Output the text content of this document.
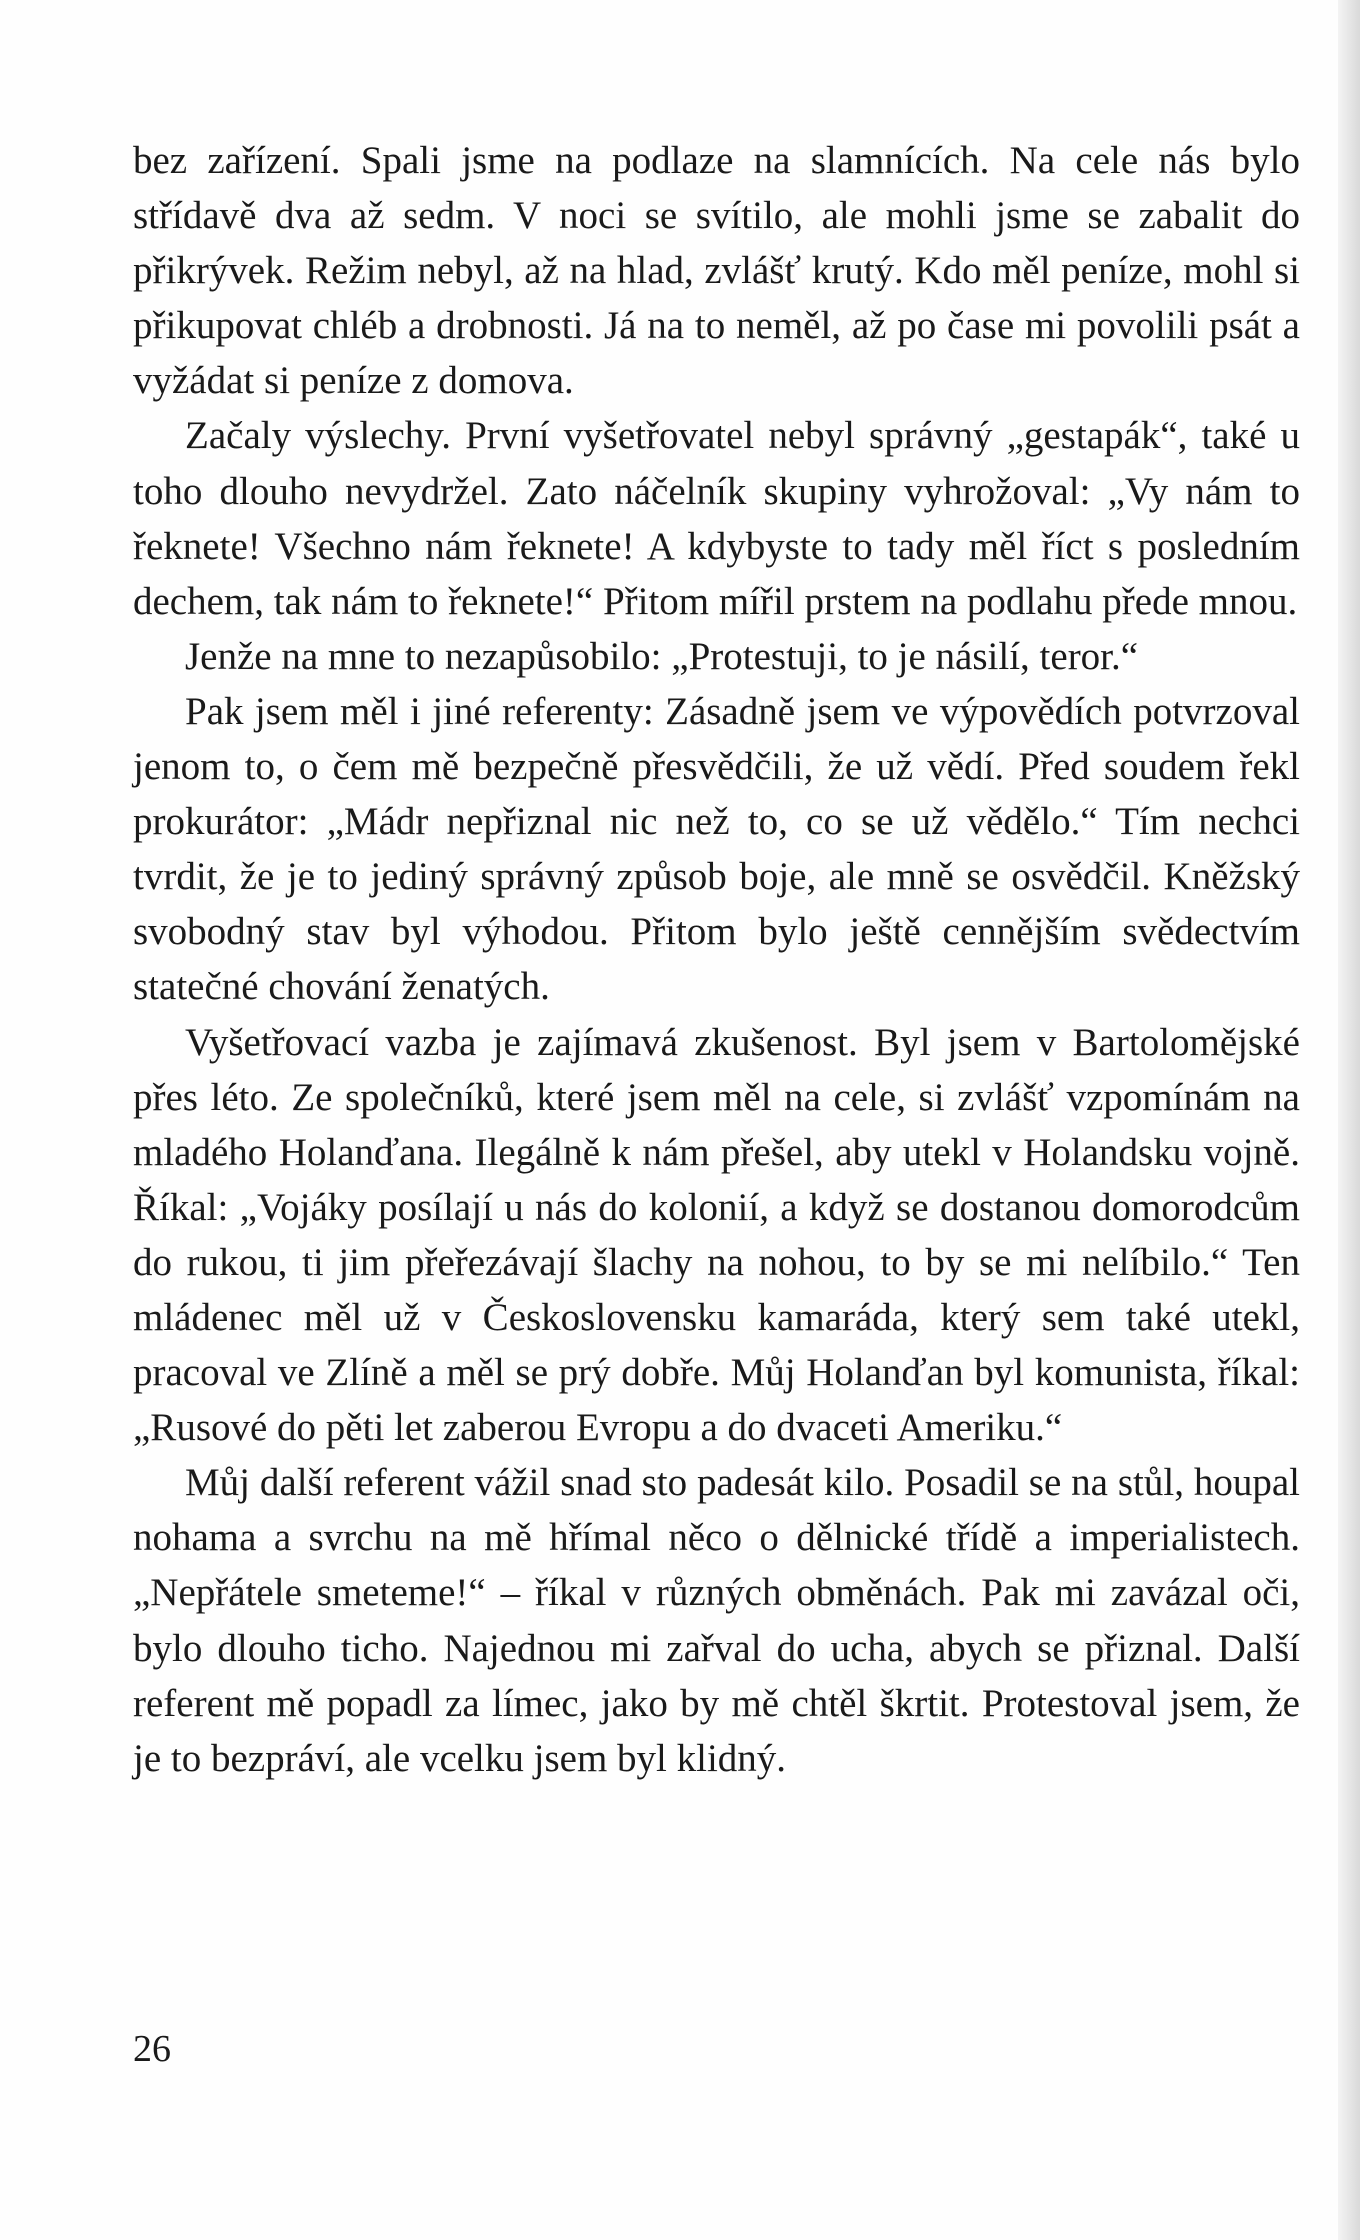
bez zařízení. Spali jsme na podlaze na slamnících. Na cele nás bylo střídavě dva až sedm. V noci se svítilo, ale mohli jsme se zabalit do přikrývek. Režim nebyl, až na hlad, zvlášť krutý. Kdo měl peníze, mohl si přikupovat chléb a drobnosti. Já na to neměl, až po čase mi povolili psát a vyžádat si peníze z domova.

Začaly výslechy. První vyšetřovatel nebyl správný „gestapák“, také u toho dlouho nevydržel. Zato náčelník skupiny vyhrožoval: „Vy nám to řeknete! Všechno nám řeknete! A kdybyste to tady měl říct s posledním dechem, tak nám to řeknete!“ Přitom mířil prstem na podlahu přede mnou.

Jenže na mne to nezapůsobilo: „Protestuji, to je násilí, teror.“

Pak jsem měl i jiné referenty: Zásadně jsem ve výpovědích potvrzoval jenom to, o čem mě bezpečně přesvědčili, že už vědí. Před soudem řekl prokurátor: „Mádr nepřiznal nic než to, co se už vědělo.“ Tím nechci tvrdit, že je to jediný správný způsob boje, ale mně se osvědčil. Kněžský svobodný stav byl výhodou. Přitom bylo ještě cennějším svědectvím statečné chování ženatých.

Vyšetřovací vazba je zajímavá zkušenost. Byl jsem v Bartolomějské přes léto. Ze společníků, které jsem měl na cele, si zvlášť vzpomínám na mladého Holanďana. Ilegálně k nám přešel, aby utekl v Holandsku vojně. Říkal: „Vojáky posílají u nás do kolonií, a když se dostanou domorodcům do rukou, ti jim přeřezávají šlachy na nohou, to by se mi nelíbilo.“ Ten mládenec měl už v Československu kamaráda, který sem také utekl, pracoval ve Zlíně a měl se prý dobře. Můj Holanďan byl komunista, říkal: „Rusové do pěti let zaberou Evropu a do dvaceti Ameriku.“

Můj další referent vážil snad sto padesát kilo. Posadil se na stůl, houpal nohama a svrchu na mě hřímal něco o dělnické třídě a imperialistech. „Nepřátele smeteme!“ – říkal v různých obměnách. Pak mi zavázal oči, bylo dlouho ticho. Najednou mi zařval do ucha, abych se přiznal. Další referent mě popadl za límec, jako by mě chtěl škrtit. Protestoval jsem, že je to bezpráví, ale vcelku jsem byl klidný.

26
